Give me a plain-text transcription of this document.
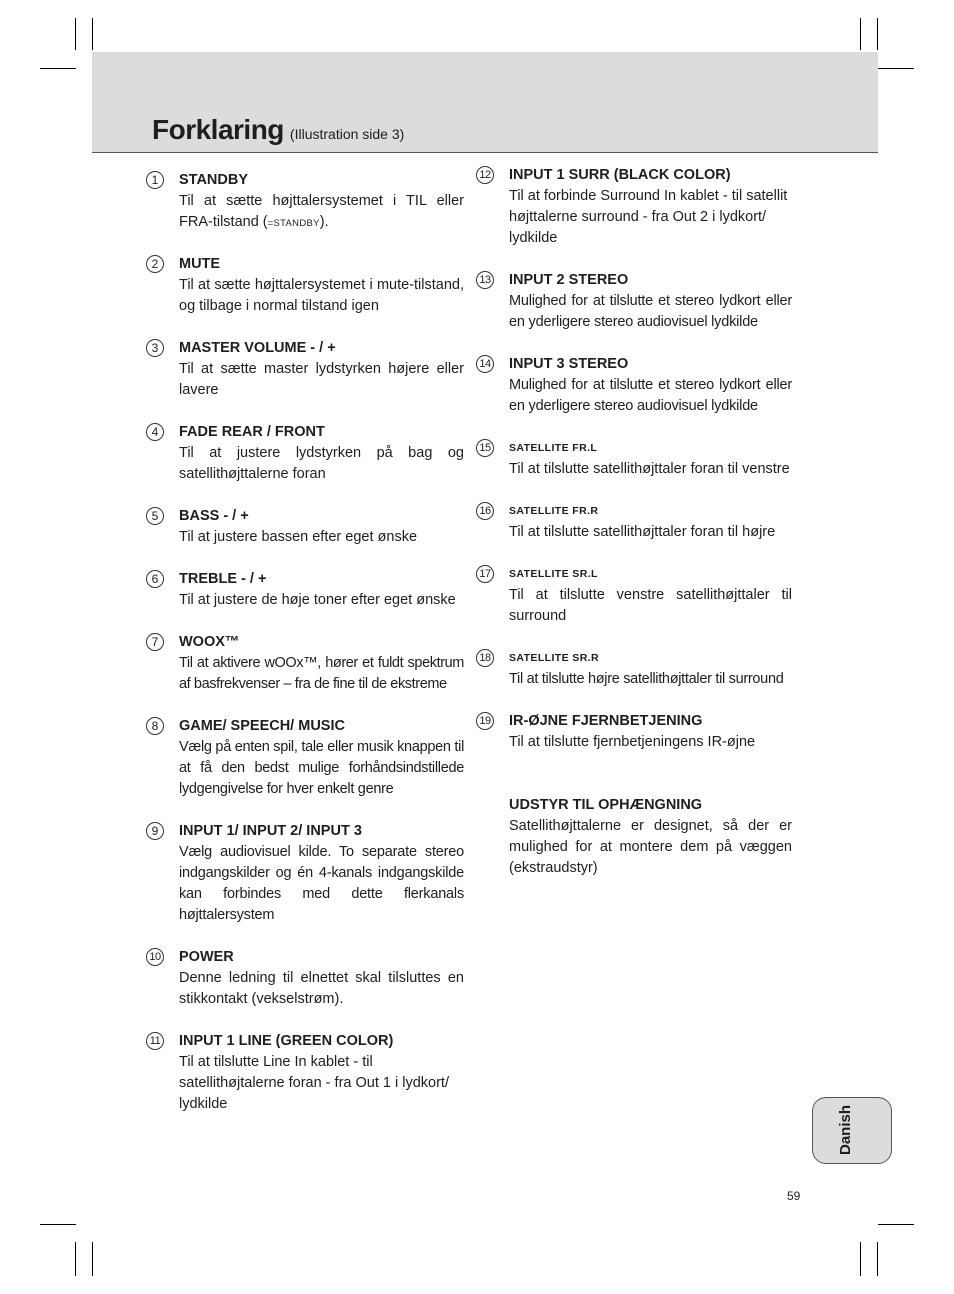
Forklaring (Illustration side 3)
1	STANDBY
Til at sætte højttalersystemet i TIL eller FRA-tilstand (=STANDBY).
2	MUTE
Til at sætte højttalersystemet i mute-tilstand, og tilbage i normal tilstand igen
3	MASTER VOLUME - / +
Til at sætte master lydstyrken højere eller lavere
4	FADE REAR / FRONT
Til at justere lydstyrken på bag og satellithøjttalerne foran
5	BASS - / +
Til at justere bassen efter eget ønske
6	TREBLE - / +
Til at justere de høje toner efter eget ønske
7	WOOX™
Til at aktivere wOOx™, hører et fuldt spektrum af basfrekvenser – fra de fine til de ekstreme
8	GAME/ SPEECH/ MUSIC
Vælg på enten spil, tale eller musik knappen til at få den bedst mulige forhåndsindstillede lydgengivelse for hver enkelt genre
9	INPUT 1/ INPUT 2/ INPUT 3
Vælg audiovisuel kilde. To separate stereo indgangskilder og én 4-kanals indgangskilde kan forbindes med dette flerkanals højttalersystem
10 POWER
Denne ledning til elnettet skal tilsluttes en stikkontakt (vekselstrøm).
11 INPUT 1 LINE (GREEN COLOR)
Til at tilslutte Line In kablet - til satellithøjtalerne foran - fra Out 1 i lydkort/ lydkilde
12 INPUT 1 SURR (BLACK COLOR)
Til at forbinde Surround In kablet - til satellit højttalerne surround - fra Out 2 i lydkort/ lydkilde
13 INPUT 2 STEREO
Mulighed for at tilslutte et stereo lydkort eller en yderligere stereo audiovisuel lydkilde
14 INPUT 3 STEREO
Mulighed for at tilslutte et stereo lydkort eller en yderligere stereo audiovisuel lydkilde
15	SATELLITE FR.L
Til at tilslutte satellithøjttaler foran til venstre
16	SATELLITE FR.R
Til at tilslutte satellithøjttaler foran til højre
17	SATELLITE SR.L
Til at tilslutte venstre satellithøjttaler til surround
18	SATELLITE SR.R
Til at tilslutte højre satellithøjttaler til surround
19 IR-ØJNE FJERNBETJENING
Til at tilslutte fjernbetjeningens IR-øjne
UDSTYR TIL OPHÆNGNING
Satellithøjttalerne er designet, så der er mulighed for at montere dem på væggen (ekstraudstyr)
Danish
59
